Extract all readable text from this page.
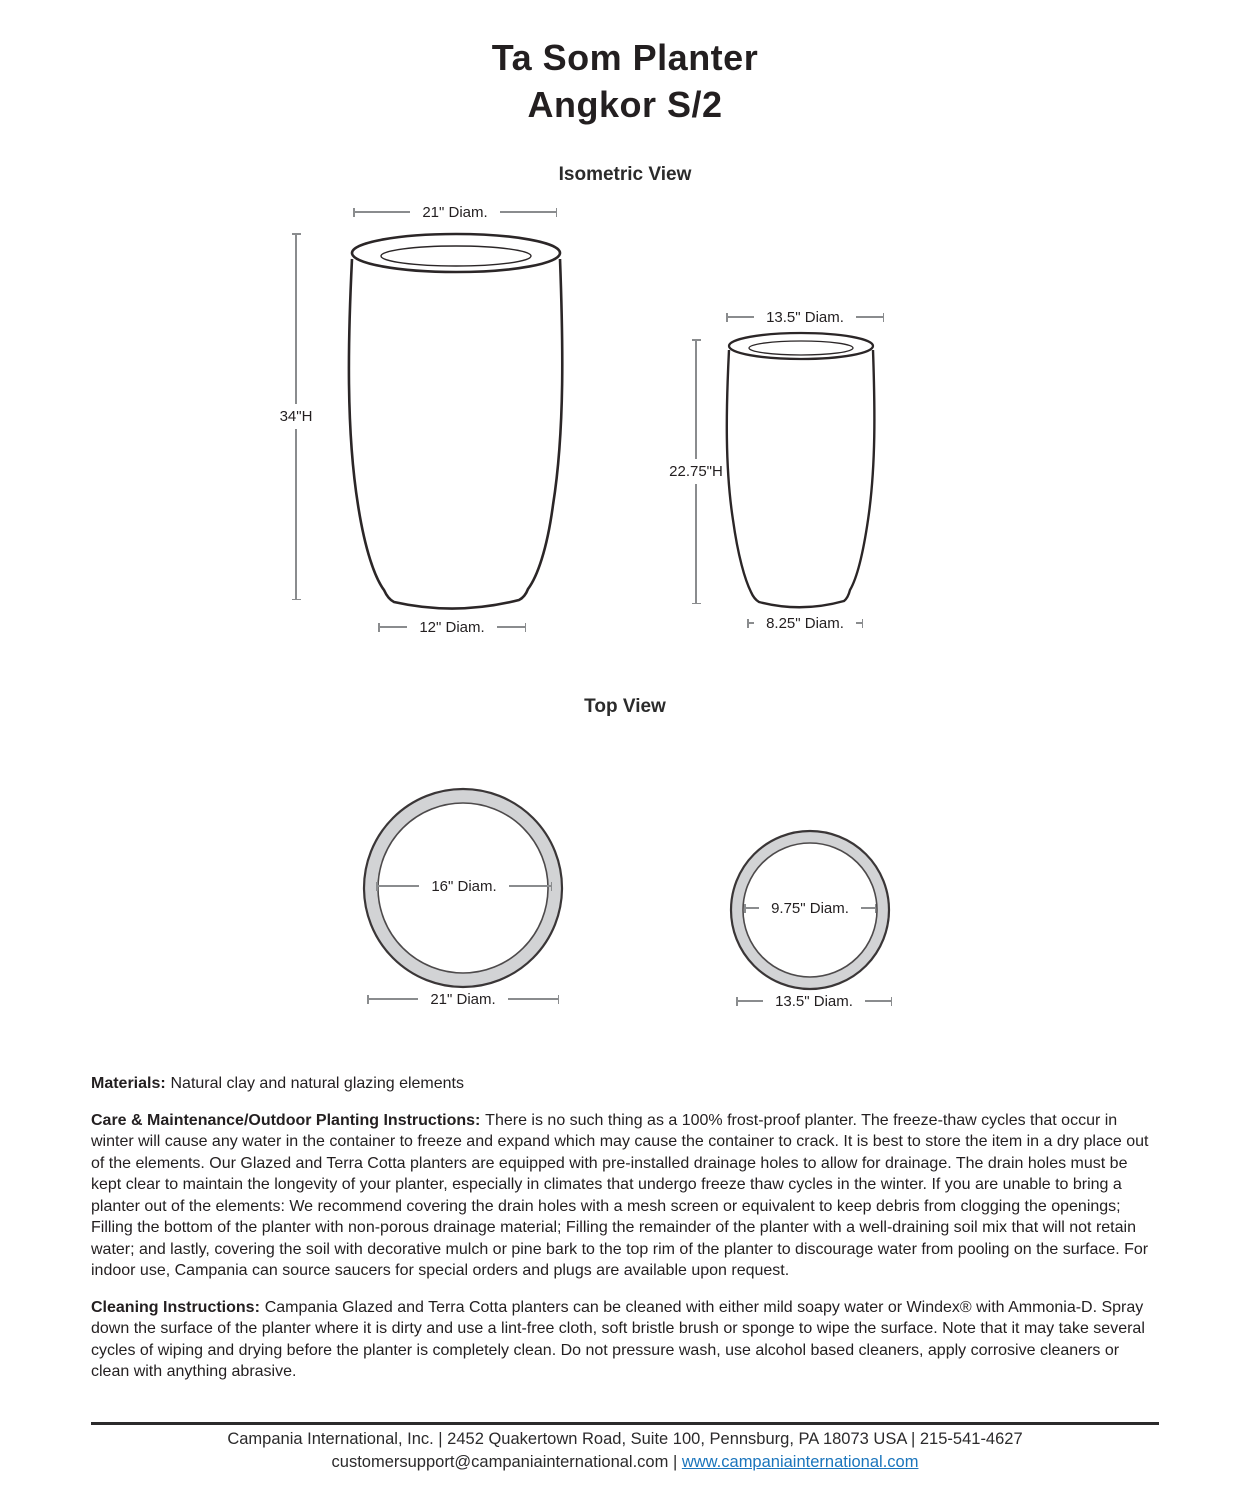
Ta Som Planter
Angkor S/2
Isometric View
Top View
21" Diam.
34"H
12" Diam.
13.5" Diam.
22.75"H
8.25" Diam.
16" Diam.
21" Diam.
9.75" Diam.
13.5" Diam.

Materials: Natural clay and natural glazing elements

Care & Maintenance/Outdoor Planting Instructions: There is no such thing as a 100% frost-proof planter. The freeze-thaw cycles that occur in winter will cause any water in the container to freeze and expand which may cause the container to crack. It is best to store the item in a dry place out of the elements. Our Glazed and Terra Cotta planters are equipped with pre-installed drainage holes to allow for drainage. The drain holes must be kept clear to maintain the longevity of your planter, especially in climates that undergo freeze thaw cycles in the winter. If you are unable to bring a planter out of the elements: We recommend covering the drain holes with a mesh screen or equivalent to keep debris from clogging the openings; Filling the bottom of the planter with non-porous drainage material; Filling the remainder of the planter with a well-draining soil mix that will not retain water; and lastly, covering the soil with decorative mulch or pine bark to the top rim of the planter to discourage water from pooling on the surface. For indoor use, Campania can source saucers for special orders and plugs are available upon request.

Cleaning Instructions: Campania Glazed and Terra Cotta planters can be cleaned with either mild soapy water or Windex® with Ammonia-D. Spray down the surface of the planter where it is dirty and use a lint-free cloth, soft bristle brush or sponge to wipe the surface. Note that it may take several cycles of wiping and drying before the planter is completely clean. Do not pressure wash, use alcohol based cleaners, apply corrosive cleaners or clean with anything abrasive.

Campania International, Inc. | 2452 Quakertown Road, Suite 100, Pennsburg, PA 18073 USA | 215-541-4627
customersupport@campaniainternational.com | www.campaniainternational.com
